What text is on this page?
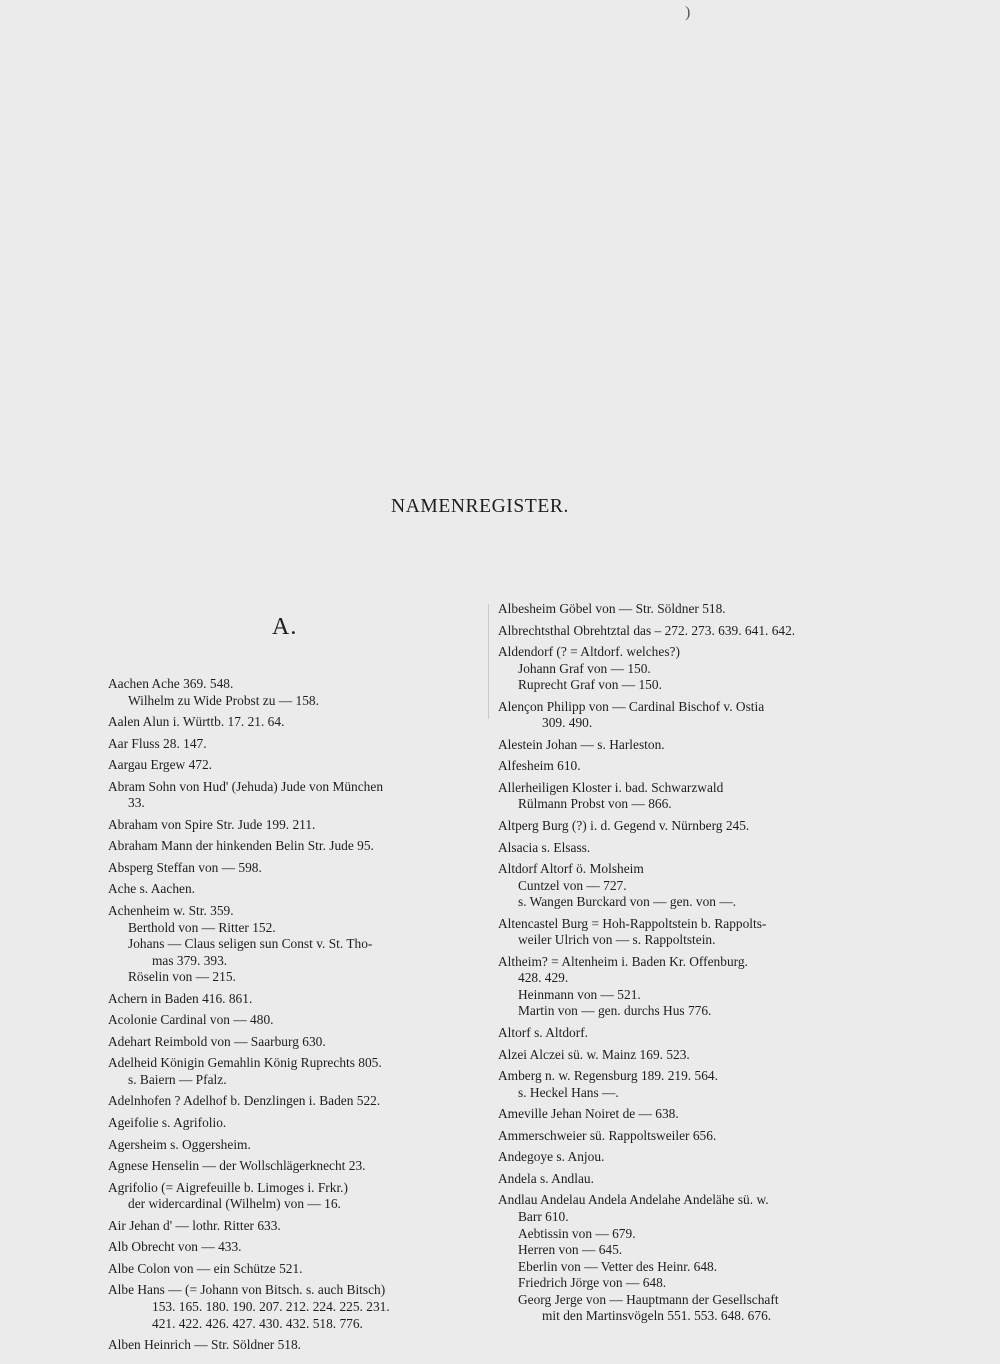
)
NAMENREGISTER.
A.
Aachen Ache 369. 548.
Wilhelm zu Wide Probst zu — 158.
Aalen Alun i. Württb. 17. 21. 64.
Aar Fluss 28. 147.
Aargau Ergew 472.
Abram Sohn von Hud' (Jehuda) Jude von München
33.
Abraham von Spire Str. Jude 199. 211.
Abraham Mann der hinkenden Belin Str. Jude 95.
Absperg Steffan von — 598.
Ache s. Aachen.
Achenheim w. Str. 359.
Berthold von — Ritter 152.
Johans — Claus seligen sun Const v. St. Tho-
mas 379. 393.
Röselin von — 215.
Achern in Baden 416. 861.
Acolonie Cardinal von — 480.
Adehart Reimbold von — Saarburg 630.
Adelheid Königin Gemahlin König Ruprechts 805.
s. Baiern — Pfalz.
Adelnhofen ? Adelhof b. Denzlingen i. Baden 522.
Ageifolie s. Agrifolio.
Agersheim s. Oggersheim.
Agnese Henselin — der Wollschlägerknecht 23.
Agrifolio (= Aigrefeuille b. Limoges i. Frkr.)
der widercardinal (Wilhelm) von — 16.
Air Jehan d' — lothr. Ritter 633.
Alb Obrecht von — 433.
Albe Colon von — ein Schütze 521.
Albe Hans — (= Johann von Bitsch. s. auch Bitsch)
153. 165. 180. 190. 207. 212. 224. 225. 231.
421. 422. 426. 427. 430. 432. 518. 776.
Alben Heinrich — Str. Söldner 518.
Albesheim Göbel von — Str. Söldner 518.
Albrechtsthal Obrehtztal das – 272. 273. 639. 641. 642.
Aldendorf (? = Altdorf. welches?)
Johann Graf von — 150.
Ruprecht Graf von — 150.
Alençon Philipp von — Cardinal Bischof v. Ostia
309. 490.
Alestein Johan — s. Harleston.
Alfesheim 610.
Allerheiligen Kloster i. bad. Schwarzwald
Rülmann Probst von — 866.
Altperg Burg (?) i. d. Gegend v. Nürnberg 245.
Alsacia s. Elsass.
Altdorf Altorf ö. Molsheim
Cuntzel von — 727.
s. Wangen Burckard von — gen. von —.
Altencastel Burg = Hoh-Rappoltstein b. Rappolts-
weiler Ulrich von — s. Rappoltstein.
Altheim? = Altenheim i. Baden Kr. Offenburg.
428. 429.
Heinmann von — 521.
Martin von — gen. durchs Hus 776.
Altorf s. Altdorf.
Alzei Alczei sü. w. Mainz 169. 523.
Amberg n. w. Regensburg 189. 219. 564.
s. Heckel Hans —.
Ameville Jehan Noiret de — 638.
Ammerschweier sü. Rappoltsweiler 656.
Andegoye s. Anjou.
Andela s. Andlau.
Andlau Andelau Andela Andelahe Andelähe sü. w.
Barr 610.
Aebtissin von — 679.
Herren von — 645.
Eberlin von — Vetter des Heinr. 648.
Friedrich Jörge von — 648.
Georg Jerge von — Hauptmann der Gesellschaft
mit den Martinsvögeln 551. 553. 648. 676.
